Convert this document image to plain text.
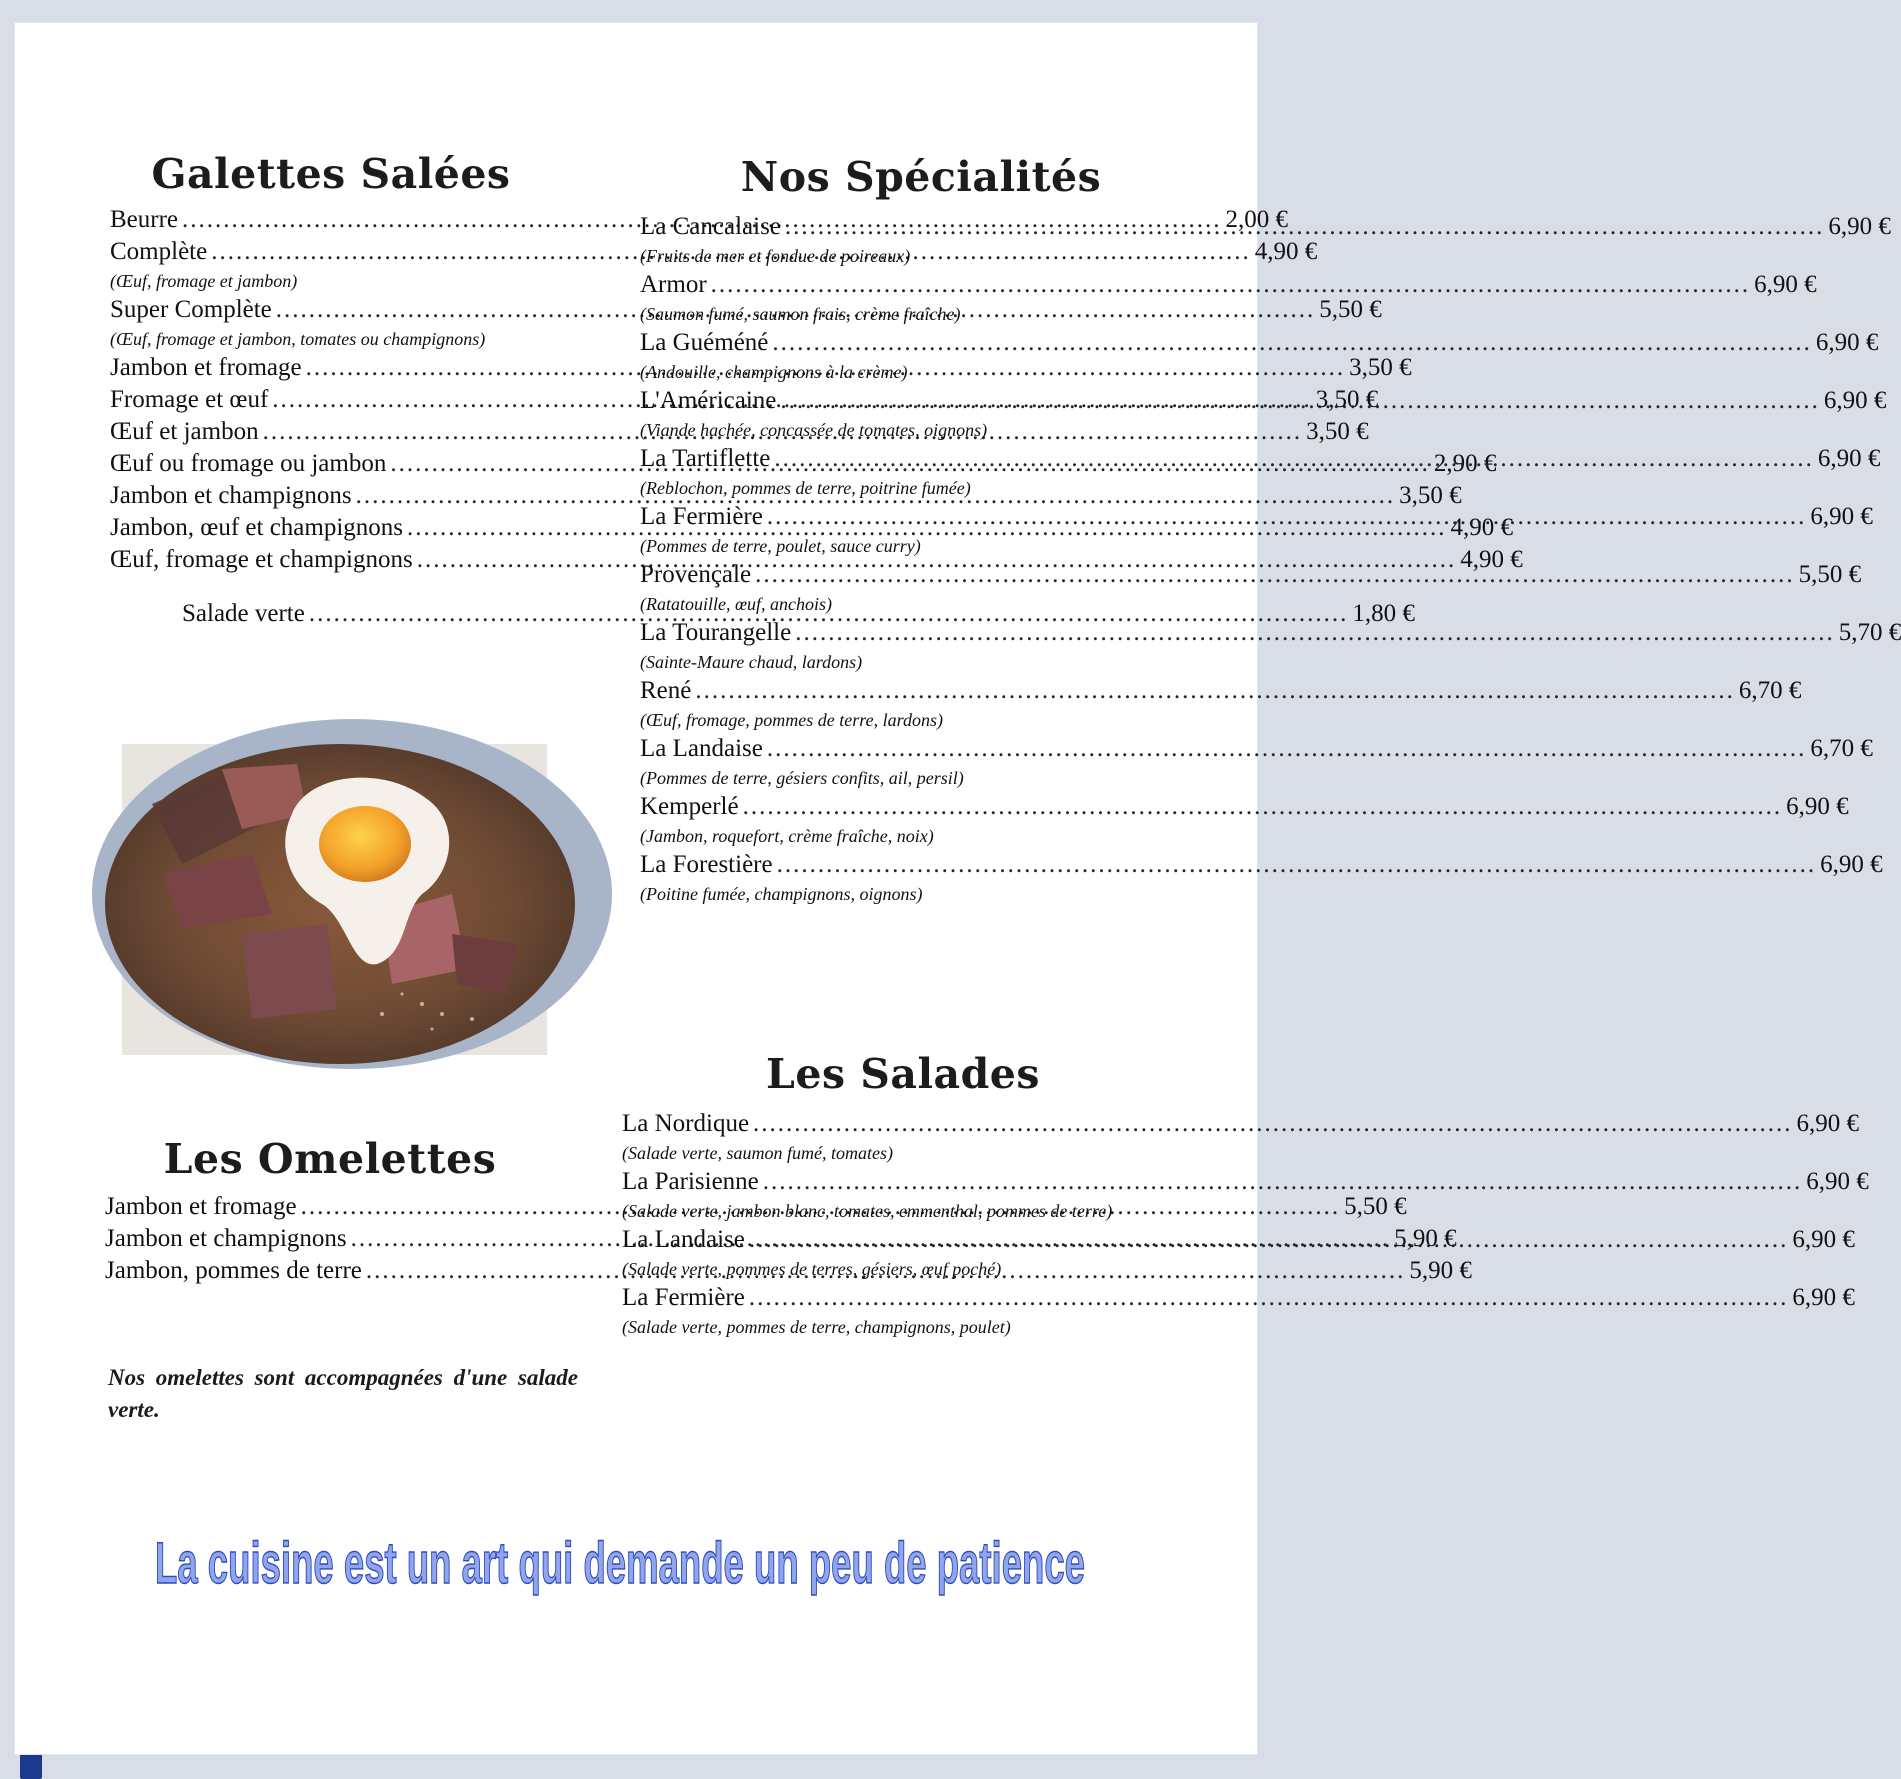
Galettes Salées
Beurre .....	2,00 €
Complète .....	4,90 €
(Œuf, fromage et jambon)
Super Complète .....	5,50 €
(Œuf, fromage et jambon, tomates ou champignons)
Jambon et fromage .....	3,50 €
Fromage et œuf .....	3,50 €
Œuf et jambon .....	3,50 €
Œuf ou fromage ou jambon .....	2,90 €
Jambon et champignons .....	3,50 €
Jambon, œuf et champignons .....	4,90 €
Œuf, fromage et champignons .....	4,90 €
Salade verte .....	1,80 €
Les Omelettes
Jambon et fromage .....	5,50 €
Jambon et champignons .....	5,90 €
Jambon, pommes de terre .....	5,90 €
Nos omelettes sont accompagnées d'une salade verte.
Nos Spécialités
La Cancalaise .....	6,90 €
(Fruits de mer et fondue de poireaux)
Armor .....	6,90 €
(Saumon fumé, saumon frais, crème fraîche)
La Guéméné .....	6,90 €
(Andouille, champignons à la crème)
L'Américaine .....	6,90 €
(Viande hachée, concassée de tomates, oignons)
La Tartiflette .....	6,90 €
(Reblochon, pommes de terre, poitrine fumée)
La Fermière .....	6,90 €
(Pommes de terre, poulet, sauce curry)
Provençale .....	5,50 €
(Ratatouille, œuf, anchois)
La Tourangelle .....	5,70 €
(Sainte-Maure chaud, lardons)
René .....	6,70 €
(Œuf, fromage, pommes de terre, lardons)
La Landaise .....	6,70 €
(Pommes de terre, gésiers confits, ail, persil)
Kemperlé .....	6,90 €
(Jambon, roquefort, crème fraîche, noix)
La Forestière .....	6,90 €
(Poitine fumée, champignons, oignons)
Les Salades
La Nordique .....	6,90 €
(Salade verte, saumon fumé, tomates)
La Parisienne .....	6,90 €
(Salade verte, jambon blanc, tomates, emmenthal, pommes de terre)
La Landaise .....	6,90 €
(Salade verte, pommes de terres, gésiers, œuf poché)
La Fermière .....	6,90 €
(Salade verte, pommes de terre, champignons, poulet)
La cuisine est un art qui demande un peu de patience
